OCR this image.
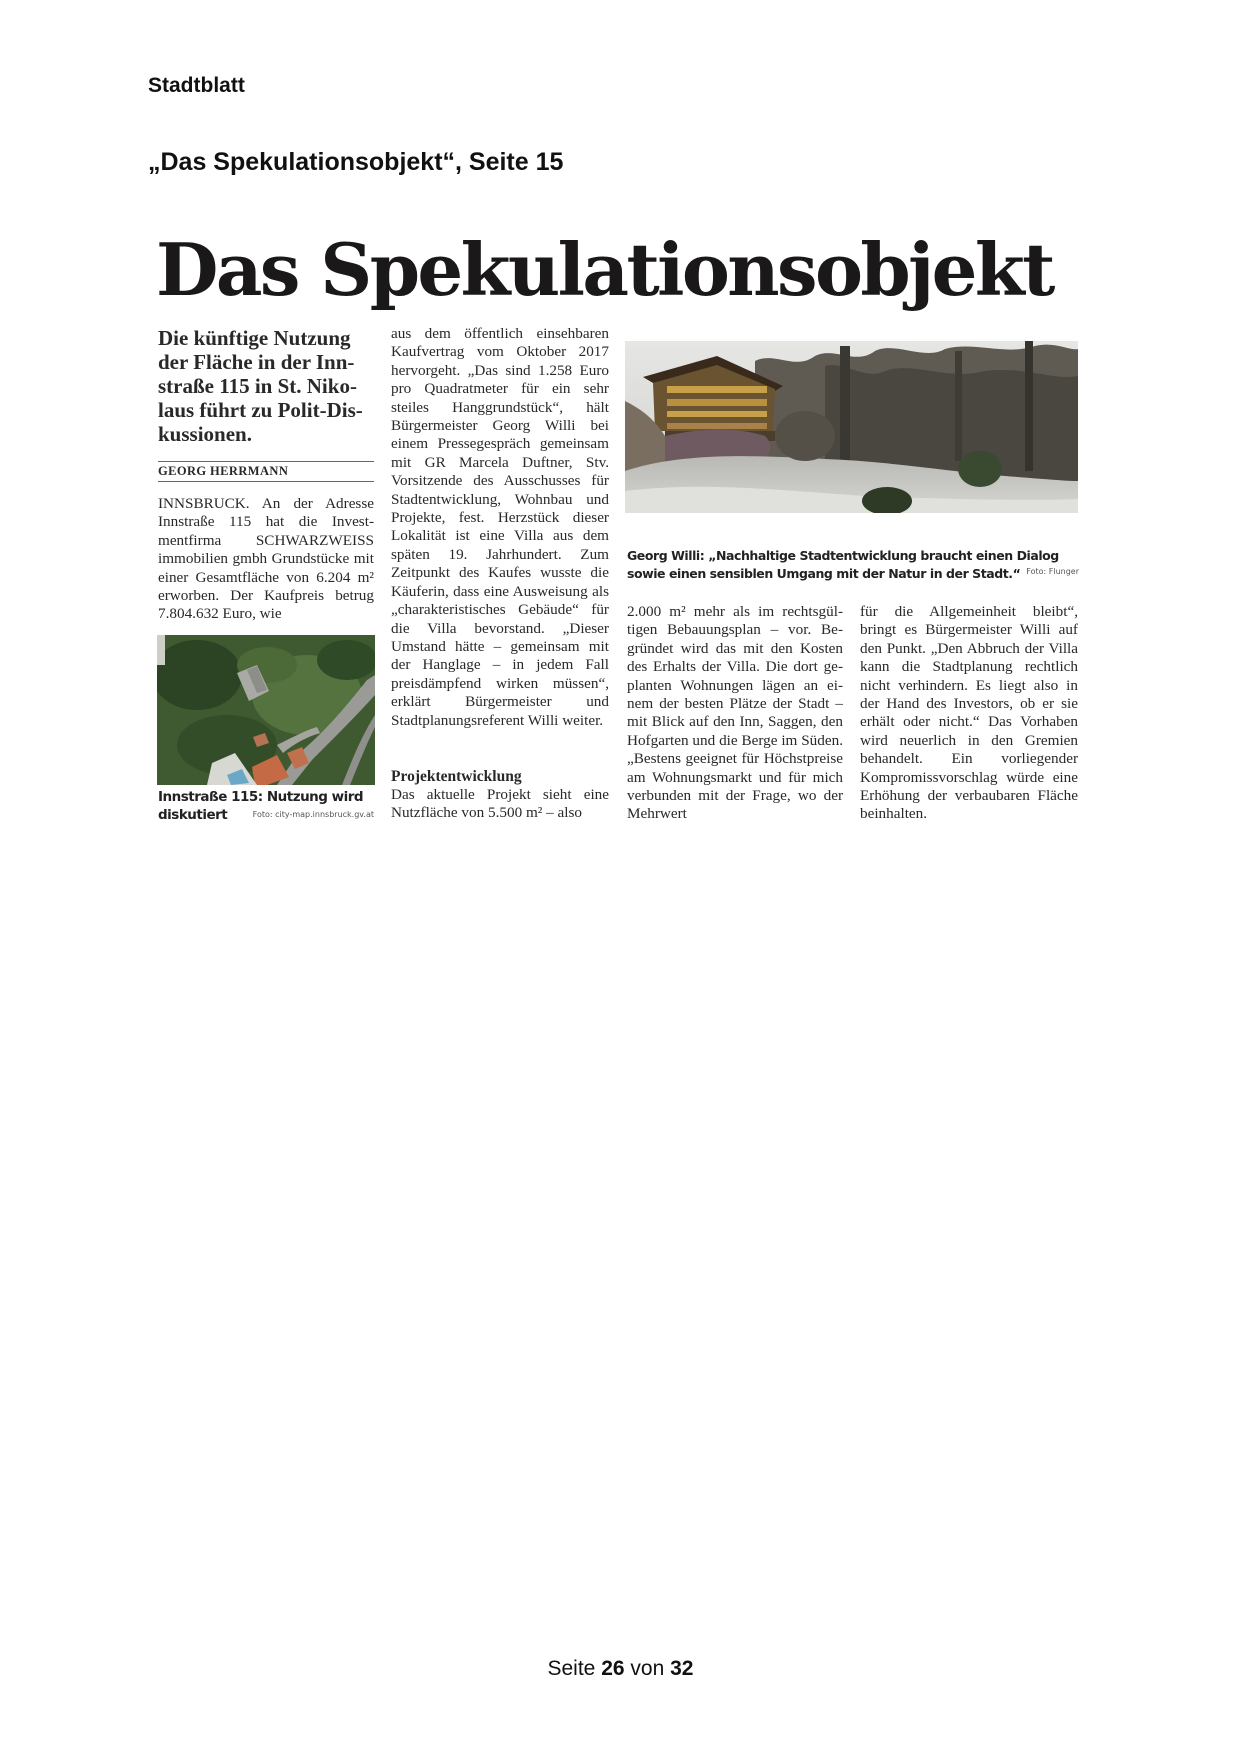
Stadtblatt
„Das Spekulationsobjekt“, Seite 15
Das Spekulationsobjekt
Die künftige Nutzung der Fläche in der Innstraße 115 in St. Nikolaus führt zu Polit-Diskussionen.
GEORG HERRMANN
INNSBRUCK. An der Adresse Innstraße 115 hat die Investmentfirma SCHWARZWEISS immobilien gmbh Grundstücke mit einer Gesamtfläche von 6.204 m² erworben. Der Kaufpreis betrug 7.804.632 Euro, wie
Innstraße 115: Nutzung wird diskutiert	Foto: city-map.innsbruck.gv.at
aus dem öffentlich einsehbaren Kaufvertrag vom Oktober 2017 hervorgeht. „Das sind 1.258 Euro pro Quadratmeter für ein sehr steiles Hanggrundstück“, hält Bürgermeister Georg Willi bei einem Pressegespräch gemeinsam mit GR Marcela Duftner, Stv. Vorsitzende des Ausschusses für Stadtentwicklung, Wohnbau und Projekte, fest. Herzstück dieser Lokalität ist eine Villa aus dem späten 19. Jahrhundert. Zum Zeitpunkt des Kaufes wusste die Käuferin, dass eine Ausweisung als „charakteristisches Gebäude“ für die Villa bevorstand. „Dieser Umstand hätte – gemeinsam mit der Hanglage – in jedem Fall preisdämpfend wirken müssen“, erklärt Bürgermeister und Stadtplanungsreferent Willi weiter.
Projektentwicklung
Das aktuelle Projekt sieht eine Nutzfläche von 5.500 m² – also
Georg Willi: „Nachhaltige Stadtentwicklung braucht einen Dialog sowie einen sensiblen Umgang mit der Natur in der Stadt.“ Foto: Flunger
2.000 m² mehr als im rechtsgültigen Bebauungsplan – vor. Begründet wird das mit den Kosten des Erhalts der Villa. Die dort geplanten Wohnungen lägen an einem der besten Plätze der Stadt – mit Blick auf den Inn, Saggen, den Hofgarten und die Berge im Süden. „Bestens geeignet für Höchstpreise am Wohnungsmarkt und für mich verbunden mit der Frage, wo der Mehrwert
für die Allgemeinheit bleibt“, bringt es Bürgermeister Willi auf den Punkt. „Den Abbruch der Villa kann die Stadtplanung rechtlich nicht verhindern. Es liegt also in der Hand des Investors, ob er sie erhält oder nicht.“ Das Vorhaben wird neuerlich in den Gremien behandelt. Ein vorliegender Kompromissvorschlag würde eine Erhöhung der verbaubaren Fläche beinhalten.
Seite 26 von 32
